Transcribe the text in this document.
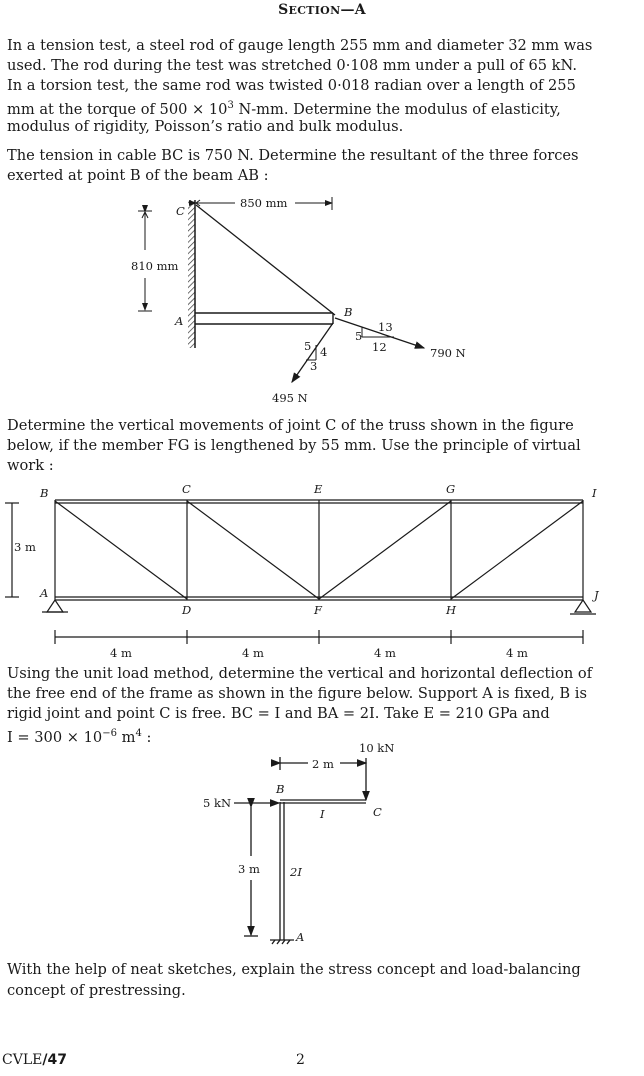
SECTION—A
In a tension test, a steel rod of gauge length 255 mm and diameter 32 mm was
used. The rod during the test was stretched 0·108 mm under a pull of 65 kN.
In a torsion test, the same rod was twisted 0·018 radian over a length of 255
mm at the torque of $500 \times 10^3$ N-mm. Determine the modulus of elasticity,
modulus of rigidity, Poisson’s ratio and bulk modulus.
The tension in cable BC is 750 N. Determine the resultant of the three forces
exerted at point B of the beam AB :
850 mm
810 mm
C
A
B
13
5
12	790 N
5 4
3
495 N
Determine the vertical movements of joint C of the truss shown in the figure
below, if the member FG is lengthened by 55 mm. Use the principle of virtual
work :
B	C	E	G	I
A
D	F	H
J
3 m
4 m	4 m	4 m	4 m
Using the unit load method, determine the vertical and horizontal deflection of
the free end of the frame as shown in the figure below. Support A is fixed, B is
rigid joint and point C is free. BC = I and BA = 2I. Take E = 210 GPa and
$I = 300 \times 10^{-6}$ $m^4$ :
10 kN
2 m
5 kN
3 m
B
C
A
I
2I
With the help of neat sketches, explain the stress concept and load-balancing
concept of prestressing.
CVLE/47	2
